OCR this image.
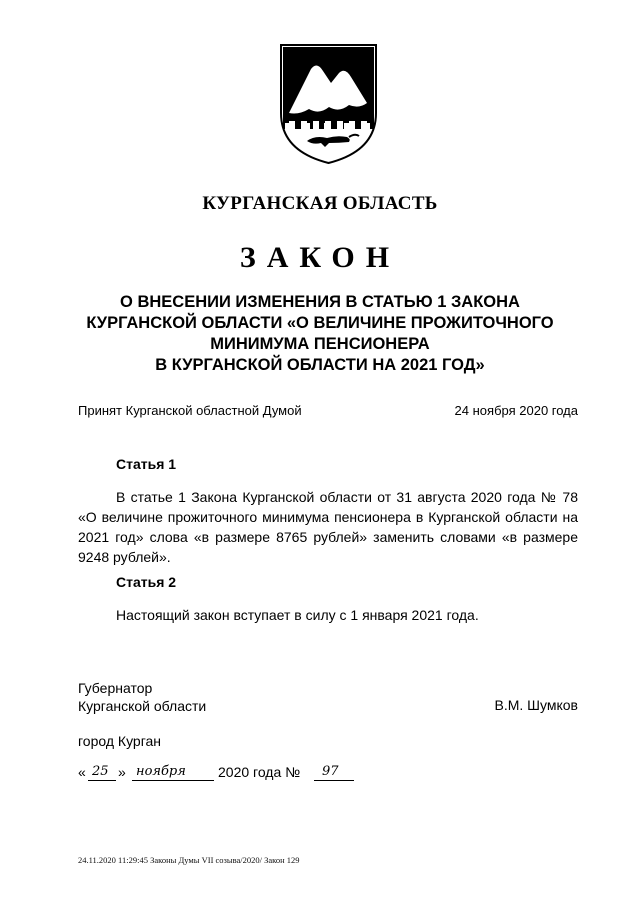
КУРГАНСКАЯ ОБЛАСТЬ
ЗАКОН
О ВНЕСЕНИИ ИЗМЕНЕНИЯ В СТАТЬЮ 1 ЗАКОНА
КУРГАНСКОЙ ОБЛАСТИ «О ВЕЛИЧИНЕ ПРОЖИТОЧНОГО
МИНИМУМА ПЕНСИОНЕРА
В КУРГАНСКОЙ ОБЛАСТИ НА 2021 ГОД»
Принят Курганской областной Думой	24 ноября 2020 года
Статья 1
В статье 1 Закона Курганской области от 31 августа 2020 года № 78 «О величине прожиточного минимума пенсионера в Курганской области на 2021 год» слова «в размере 8765 рублей» заменить словами «в размере 9248 рублей».
Статья 2
Настоящий закон вступает в силу с 1 января 2021 года.
Губернатор
Курганской области	В.М. Шумков
город Курган
« 25 » ноября 2020 года № 97
24.11.2020 11:29:45 Законы Думы VII созыва/2020/ Закон 129
